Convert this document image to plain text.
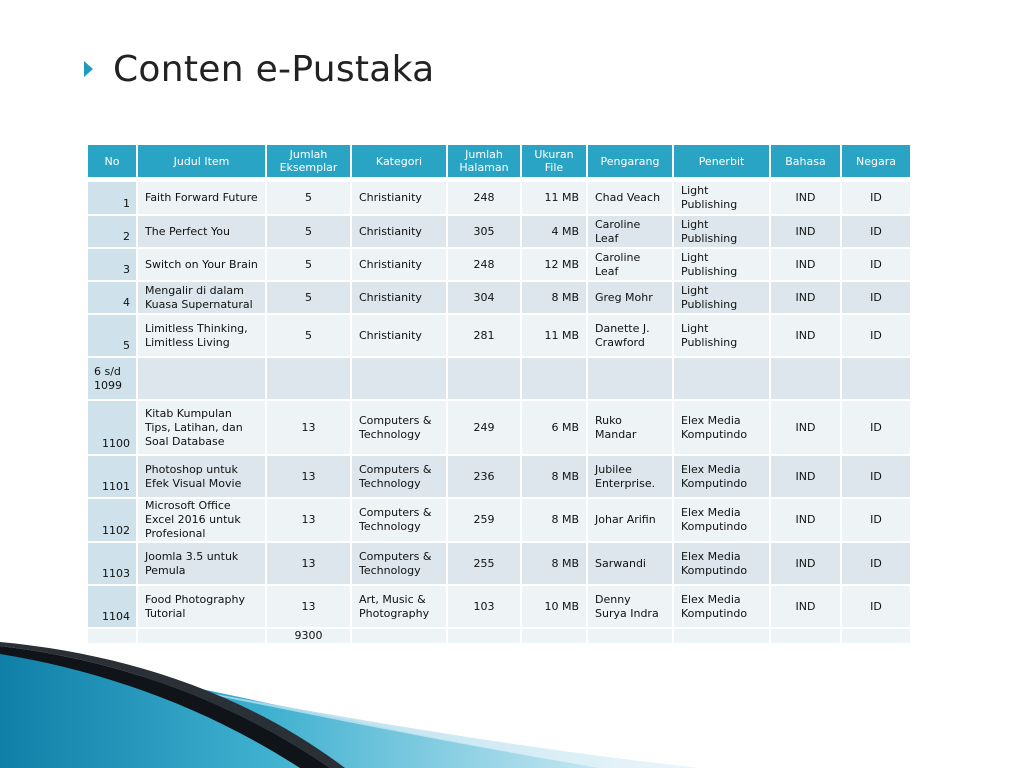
Conten e-Pustaka
No	Judul Item	Jumlah Eksemplar	Kategori	Jumlah Halaman	Ukuran File	Pengarang	Penerbit	Bahasa	Negara

1	Faith Forward Future	5	Christianity	248	11 MB	Chad Veach	Light Publishing	IND	ID
2	The Perfect You	5	Christianity	305	4 MB	Caroline Leaf	Light Publishing	IND	ID
3	Switch on Your Brain	5	Christianity	248	12 MB	Caroline Leaf	Light Publishing	IND	ID
4	Mengalir di dalam Kuasa Supernatural	5	Christianity	304	8 MB	Greg Mohr	Light Publishing	IND	ID
5	Limitless Thinking, Limitless Living	5	Christianity	281	11 MB	Danette J. Crawford	Light Publishing	IND	ID
6 s/d 1099									
1100	Kitab Kumpulan Tips, Latihan, dan Soal Database	13	Computers & Technology	249	6 MB	Ruko Mandar	Elex Media Komputindo	IND	ID
1101	Photoshop untuk Efek Visual Movie	13	Computers & Technology	236	8 MB	Jubilee Enterprise.	Elex Media Komputindo	IND	ID
1102	Microsoft Office Excel 2016 untuk Profesional	13	Computers & Technology	259	8 MB	Johar Arifin	Elex Media Komputindo	IND	ID
1103	Joomla 3.5 untuk Pemula	13	Computers & Technology	255	8 MB	Sarwandi	Elex Media Komputindo	IND	ID
1104	Food Photography Tutorial	13	Art, Music & Photography	103	10 MB	Denny Surya Indra	Elex Media Komputindo	IND	ID
		9300							
